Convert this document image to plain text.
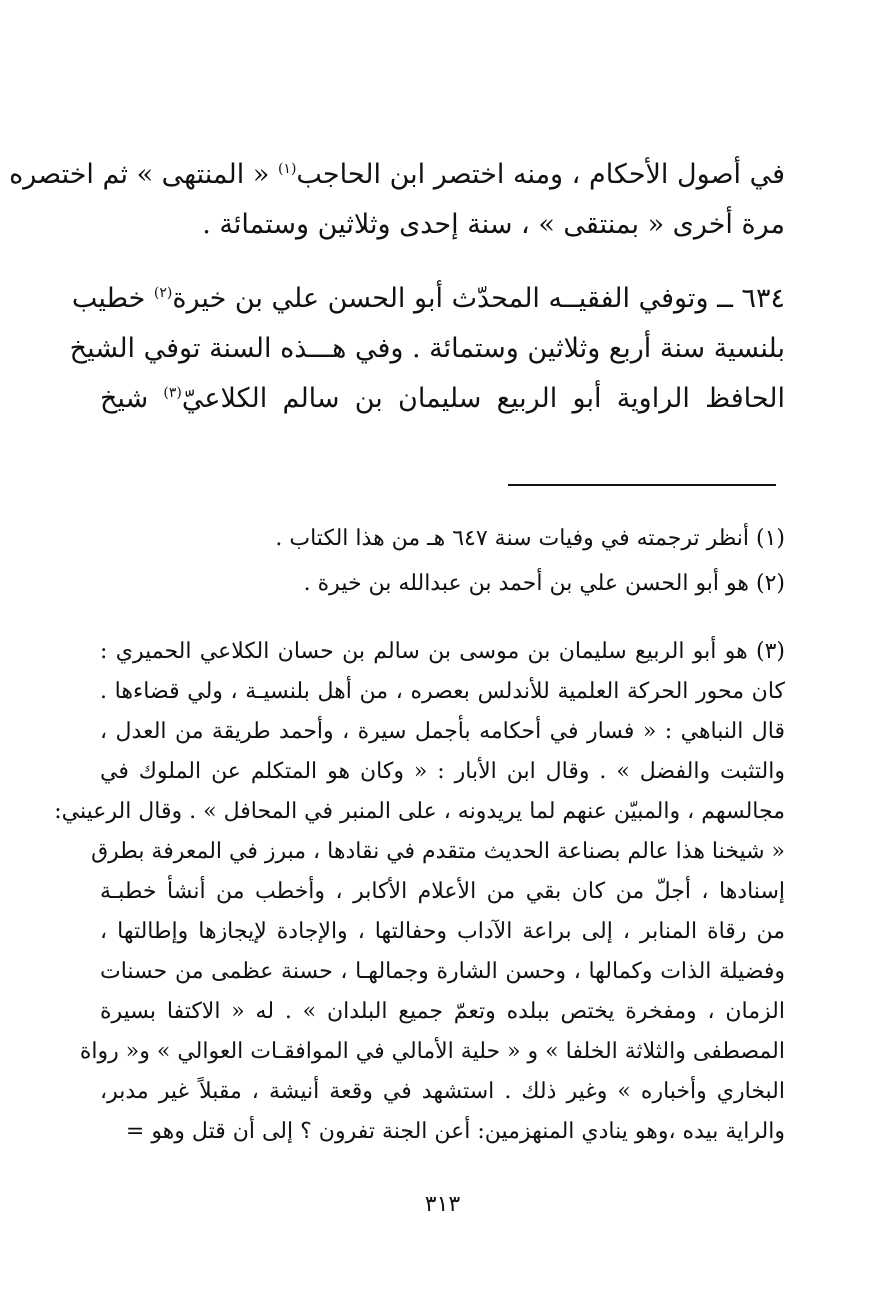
في أصول الأحكام ، ومنه اختصر ابن الحاجب$^{(١)}$ « المنتهى » ثم اختصره
مرة أخرى « بمنتقى » ، سنة إحدى وثلاثين وستمائة .
٦٣٤ ــ وتوفي الفقيــه المحدّث أبو الحسن علي بن خيرة$^{(٢)}$ خطيب
بلنسية سنة أربع وثلاثين وستمائة . وفي هـــذه السنة توفي الشيخ
الحافظ الراوية أبو الربيع سليمان بن سالم الكلاعيّ$^{(٣)}$ شيخ
(١) أنظر ترجمته في وفيات سنة ٦٤٧ هـ من هذا الكتاب .
(٢) هو أبو الحسن علي بن أحمد بن عبدالله بن خيرة .
(٣) هو أبو الربيع سليمان بن موسى بن سالم بن حسان الكلاعي الحميري :
كان محور الحركة العلمية للأندلس بعصره ، من أهل بلنسيـة ، ولي قضاءها .
قال النباهي : « فسار في أحكامه بأجمل سيرة ، وأحمد طريقة من العدل ،
والتثبت والفضل » . وقال ابن الأبار : « وكان هو المتكلم عن الملوك في
مجالسهم ، والمبيّن عنهم لما يريدونه ، على المنبر في المحافل » . وقال الرعيني:
« شيخنا هذا عالم بصناعة الحديث متقدم في نقادها ، مبرز في المعرفة بطرق
إسنادها ، أجلّ من كان بقي من الأعلام الأكابر ، وأخطب من أنشأ خطبـة
من رقاة المنابر ، إلى براعة الآداب وحفالتها ، والإجادة لإيجازها وإطالتها ،
وفضيلة الذات وكمالها ، وحسن الشارة وجمالهـا ، حسنة عظمى من حسنات
الزمان ، ومفخرة يختص ببلده وتعمّ جميع البلدان » . له « الاكتفا بسيرة
المصطفى والثلاثة الخلفا » و « حلية الأمالي في الموافقـات العوالي » و« رواة
البخاري وأخباره » وغير ذلك . استشهد في وقعة أنيشة ، مقبلاً غير مدبر،
والراية بيده ،وهو ينادي المنهزمين: أعن الجنة تفرون ؟ إلى أن قتل وهو =
٣١٣
